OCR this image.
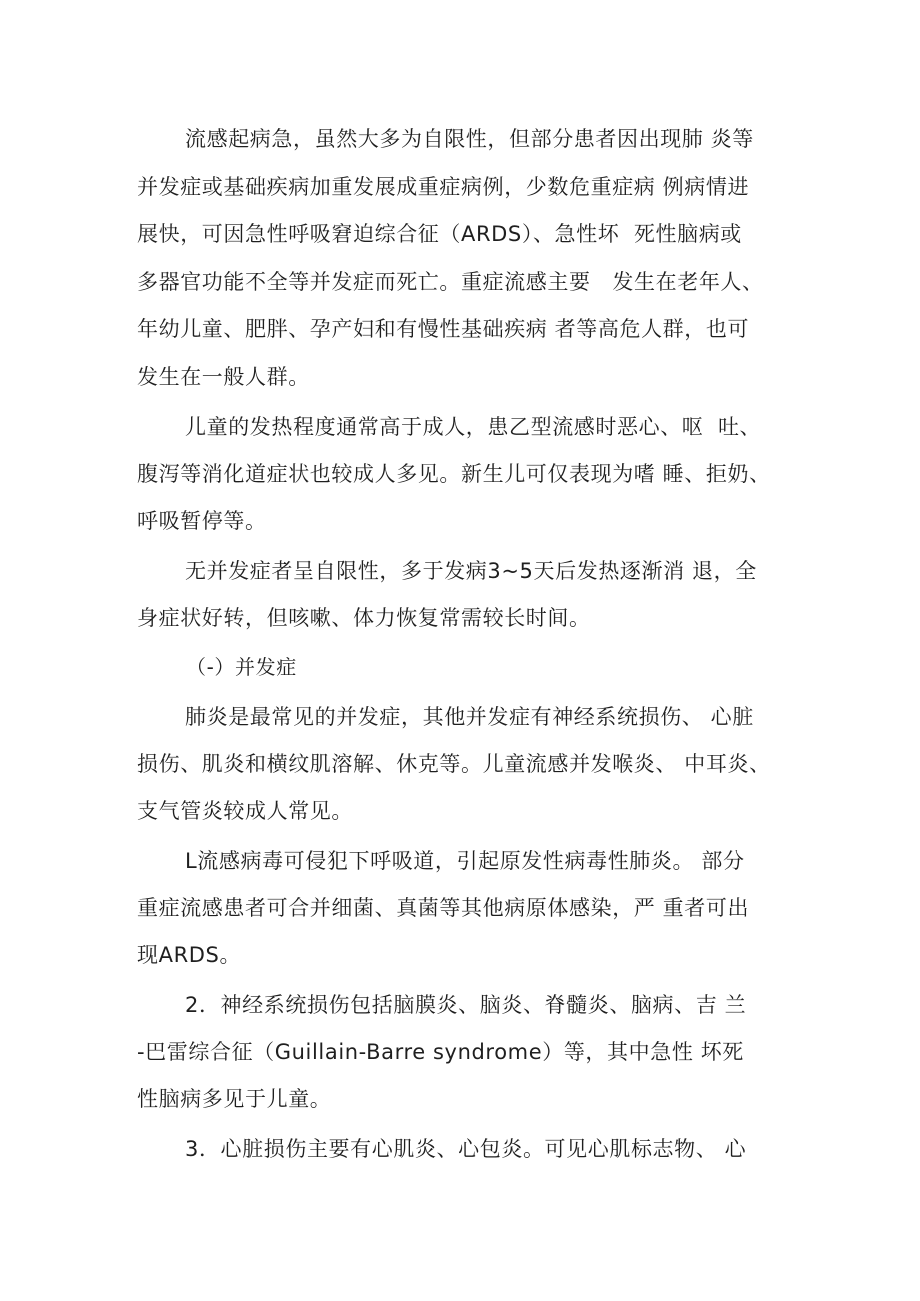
流感起病急，虽然大多为自限性，但部分患者因出现肺 炎等
并发症或基础疾病加重发展成重症病例，少数危重症病 例病情进
展快，可因急性呼吸窘迫综合征（ARDS）、急性坏  死性脑病或
多器官功能不全等并发症而死亡。重症流感主要   发生在老年人、
年幼儿童、肥胖、孕产妇和有慢性基础疾病 者等高危人群，也可
发生在一般人群。
儿童的发热程度通常高于成人，患乙型流感时恶心、呕  吐、
腹泻等消化道症状也较成人多见。新生儿可仅表现为嗜 睡、拒奶、
呼吸暂停等。
无并发症者呈自限性，多于发病3~5天后发热逐渐消 退，全
身症状好转，但咳嗽、体力恢复常需较长时间。
（-）并发症
肺炎是最常见的并发症，其他并发症有神经系统损伤、 心脏
损伤、肌炎和横纹肌溶解、休克等。儿童流感并发喉炎、 中耳炎、
支气管炎较成人常见。
L流感病毒可侵犯下呼吸道，引起原发性病毒性肺炎。 部分
重症流感患者可合并细菌、真菌等其他病原体感染，严 重者可出
现ARDS。
2．神经系统损伤包括脑膜炎、脑炎、脊髓炎、脑病、吉 兰
-巴雷综合征（Guillain-Barre syndrome）等，其中急性 坏死
性脑病多见于儿童。
3．心脏损伤主要有心肌炎、心包炎。可见心肌标志物、 心
